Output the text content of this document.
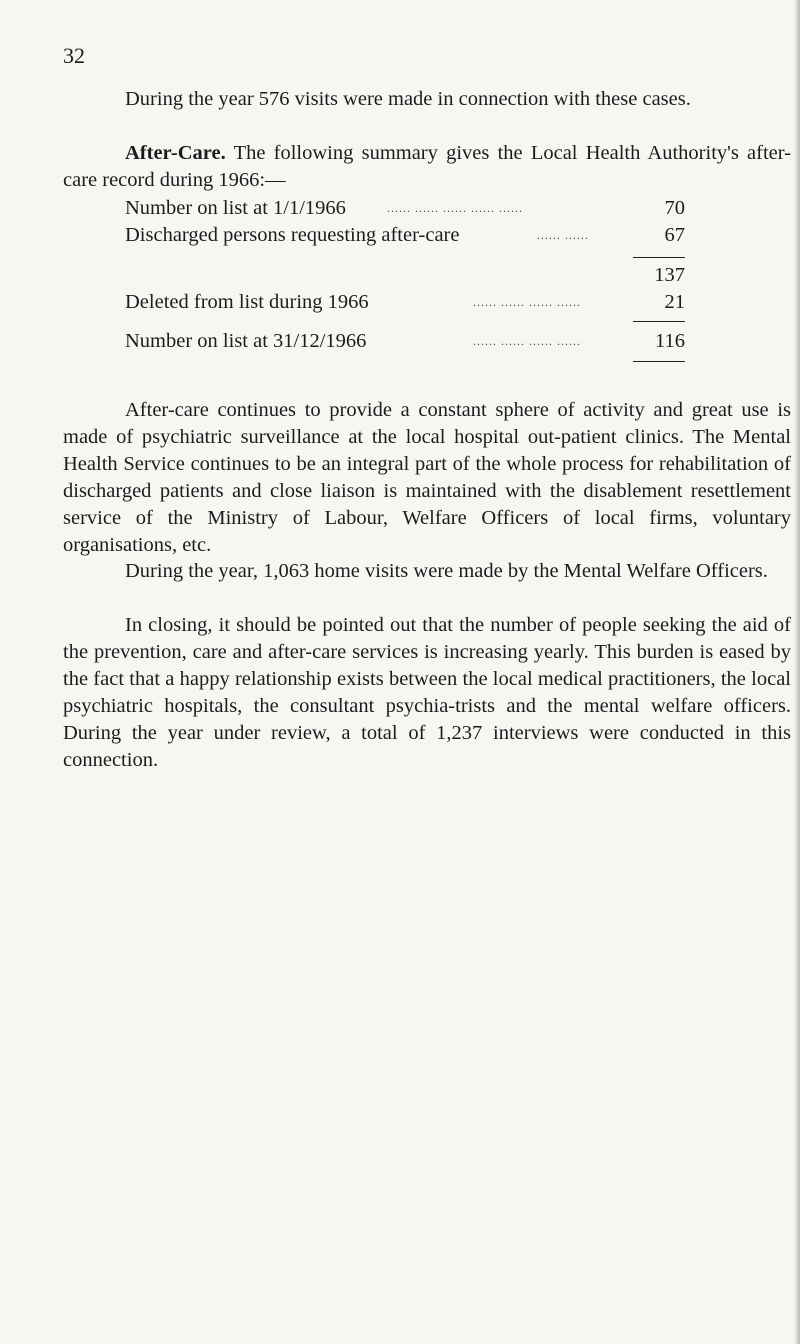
32

During the year 576 visits were made in connection with these cases.

After-Care. The following summary gives the Local Health Authority's after-care record during 1966:—

Number on list at 1/1/1966	...... ...... ...... ...... ......	70
Discharged persons requesting after-care	...... ......	67
137
Deleted from list during 1966	...... ...... ...... ......	21
Number on list at 31/12/1966	...... ...... ...... ......	116

After-care continues to provide a constant sphere of activity and great use is made of psychiatric surveillance at the local hospital out-patient clinics. The Mental Health Service continues to be an integral part of the whole process for rehabilitation of discharged patients and close liaison is maintained with the disablement resettlement service of the Ministry of Labour, Welfare Officers of local firms, voluntary organisations, etc.

During the year, 1,063 home visits were made by the Mental Welfare Officers.

In closing, it should be pointed out that the number of people seeking the aid of the prevention, care and after-care services is increasing yearly. This burden is eased by the fact that a happy relationship exists between the local medical practitioners, the local psychiatric hospitals, the consultant psychia-trists and the mental welfare officers. During the year under review, a total of 1,237 interviews were conducted in this connection.
